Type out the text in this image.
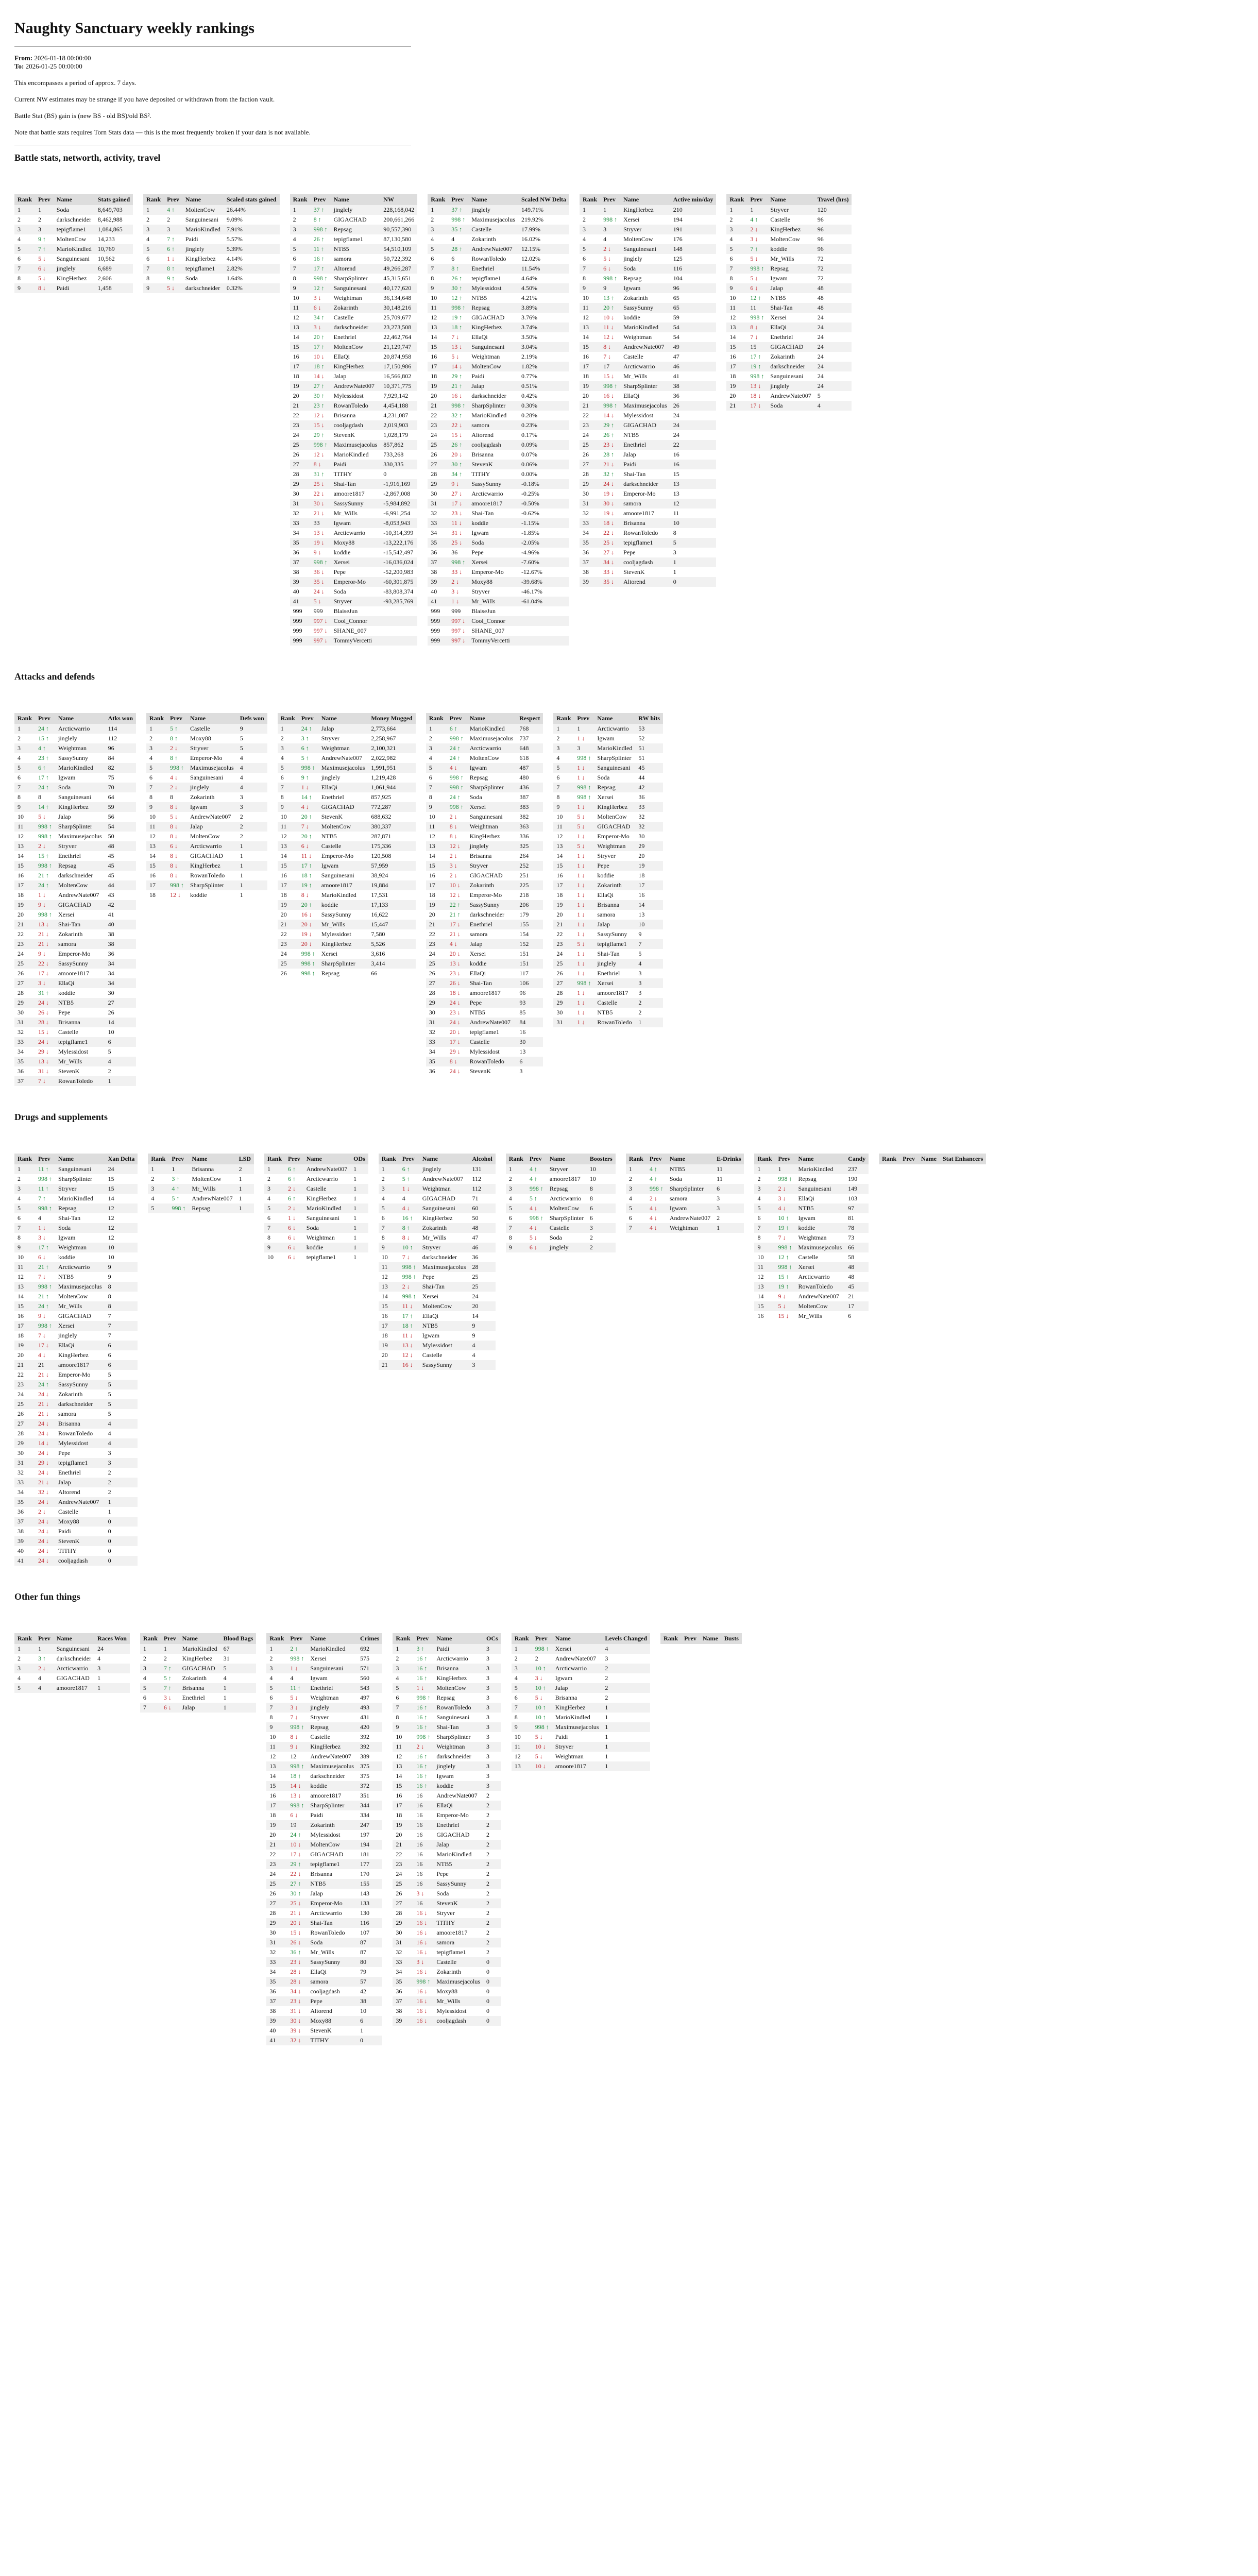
Naughty Sanctuary weekly rankings

From: 2026-01-18 00:00:00
To: 2026-01-25 00:00:00

This encompasses a period of approx. 7 days.

Current NW estimates may be strange if you have deposited or withdrawn from the faction vault.

Battle Stat (BS) gain is (new BS - old BS)/old BS².

Note that battle stats requires Torn Stats data — this is the most frequently broken if your data is not available.

Battle stats, networth, activity, travel
Rank	Prev	Name	Stats gained
1	1	Soda	8,649,703
2	2	darkschneider	8,462,988
3	3	tepigflame1	1,084,865
4	9 ↑	MoltenCow	14,233
5	7 ↑	MarioKindled	10,769
6	5 ↓	Sanguinesani	10,562
7	6 ↓	jinglely	6,689
8	5 ↓	KingHerbez	2,606
9	8 ↓	Paidi	1,458
Rank	Prev	Name	Scaled stats gained
1	4 ↑	MoltenCow	26.44%
2	2	Sanguinesani	9.09%
3	3	MarioKindled	7.91%
4	7 ↑	Paidi	5.57%
5	6 ↑	jinglely	5.39%
6	1 ↓	KingHerbez	4.14%
7	8 ↑	tepigflame1	2.82%
8	9 ↑	Soda	1.64%
9	5 ↓	darkschneider	0.32%
Rank	Prev	Name	NW
1	37 ↑	jinglely	228,168,042
2	8 ↑	GIGACHAD	200,661,266
3	998 ↑	Repsag	90,557,390
4	26 ↑	tepigflame1	87,130,580
5	11 ↑	NTB5	54,510,109
6	16 ↑	samora	50,722,392
7	17 ↑	Altorend	49,266,287
8	998 ↑	SharpSplinter	45,315,651
9	12 ↑	Sanguinesani	40,177,620
10	3 ↓	Weightman	36,134,648
11	6 ↓	Zokarinth	30,148,216
12	34 ↑	Castelle	25,709,677
13	3 ↓	darkschneider	23,273,508
14	20 ↑	Enethriel	22,462,764
15	17 ↑	MoltenCow	21,129,747
16	10 ↓	EllaQi	20,874,958
17	18 ↑	KingHerbez	17,150,986
18	14 ↓	Jalap	16,566,802
19	27 ↑	AndrewNate007	10,371,775
20	30 ↑	Mylessidost	7,929,142
21	23 ↑	RowanToledo	4,454,188
22	12 ↓	Brisanna	4,231,087
23	15 ↓	cooljagdash	2,019,903
24	29 ↑	StevenK	1,028,179
25	998 ↑	Maximusejacolus	857,862
26	12 ↓	MarioKindled	733,268
27	8 ↓	Paidi	330,335
28	31 ↑	TITHY	0
29	25 ↓	Shai-Tan	-1,916,169
30	22 ↓	amoore1817	-2,867,008
31	30 ↓	SassySunny	-5,984,892
32	21 ↓	Mr_Wills	-6,991,254
33	33	Igwam	-8,053,943
34	13 ↓	Arcticwarrio	-10,314,399
35	19 ↓	Moxy88	-13,222,176
36	9 ↓	koddie	-15,542,497
37	998 ↑	Xersei	-16,036,024
38	36 ↓	Pepe	-52,200,983
39	35 ↓	Emperor-Mo	-60,301,875
40	24 ↓	Soda	-83,808,374
41	5 ↓	Stryver	-93,285,769
999	999	BlaiseJun	
999	997 ↓	Cool_Connor	
999	997 ↓	SHANE_007	
999	997 ↓	TommyVercetti	
Rank	Prev	Name	Scaled NW Delta
1	37 ↑	jinglely	149.71%
2	998 ↑	Maximusejacolus	219.92%
3	35 ↑	Castelle	17.99%
4	4	Zokarinth	16.02%
5	28 ↑	AndrewNate007	12.15%
6	6	RowanToledo	12.02%
7	8 ↑	Enethriel	11.54%
8	26 ↑	tepigflame1	4.64%
9	30 ↑	Mylessidost	4.50%
10	12 ↑	NTB5	4.21%
11	998 ↑	Repsag	3.89%
12	19 ↑	GIGACHAD	3.76%
13	18 ↑	KingHerbez	3.74%
14	7 ↓	EllaQi	3.50%
15	13 ↓	Sanguinesani	3.04%
16	5 ↓	Weightman	2.19%
17	14 ↓	MoltenCow	1.82%
18	29 ↑	Paidi	0.77%
19	21 ↑	Jalap	0.51%
20	16 ↓	darkschneider	0.42%
21	998 ↑	SharpSplinter	0.30%
22	32 ↑	MarioKindled	0.28%
23	22 ↓	samora	0.23%
24	15 ↓	Altorend	0.17%
25	26 ↑	cooljagdash	0.09%
26	20 ↓	Brisanna	0.07%
27	30 ↑	StevenK	0.06%
28	34 ↑	TITHY	0.00%
29	9 ↓	SassySunny	-0.18%
30	27 ↓	Arcticwarrio	-0.25%
31	17 ↓	amoore1817	-0.50%
32	23 ↓	Shai-Tan	-0.62%
33	11 ↓	koddie	-1.15%
34	31 ↓	Igwam	-1.85%
35	25 ↓	Soda	-2.05%
36	36	Pepe	-4.96%
37	998 ↑	Xersei	-7.60%
38	33 ↓	Emperor-Mo	-12.67%
39	2 ↓	Moxy88	-39.68%
40	3 ↓	Stryver	-46.17%
41	1 ↓	Mr_Wills	-61.04%
999	999	BlaiseJun	
999	997 ↓	Cool_Connor	
999	997 ↓	SHANE_007	
999	997 ↓	TommyVercetti	
Rank	Prev	Name	Active min/day
1	1	KingHerbez	210
2	998 ↑	Xersei	194
3	3	Stryver	191
4	4	MoltenCow	176
5	2 ↓	Sanguinesani	148
6	5 ↓	jinglely	125
7	6 ↓	Soda	116
8	998 ↑	Repsag	104
9	9	Igwam	96
10	13 ↑	Zokarinth	65
11	20 ↑	SassySunny	65
12	10 ↓	koddie	59
13	11 ↓	MarioKindled	54
14	12 ↓	Weightman	54
15	8 ↓	AndrewNate007	49
16	7 ↓	Castelle	47
17	17	Arcticwarrio	46
18	15 ↓	Mr_Wills	41
19	998 ↑	SharpSplinter	38
20	16 ↓	EllaQi	36
21	998 ↑	Maximusejacolus	26
22	14 ↓	Mylessidost	24
23	29 ↑	GIGACHAD	24
24	26 ↑	NTB5	24
25	23 ↓	Enethriel	22
26	28 ↑	Jalap	16
27	21 ↓	Paidi	16
28	32 ↑	Shai-Tan	15
29	24 ↓	darkschneider	13
30	19 ↓	Emperor-Mo	13
31	30 ↓	samora	12
32	19 ↓	amoore1817	11
33	18 ↓	Brisanna	10
34	22 ↓	RowanToledo	8
35	25 ↓	tepigflame1	5
36	27 ↓	Pepe	3
37	34 ↓	cooljagdash	1
38	33 ↓	StevenK	1
39	35 ↓	Altorend	0
Rank	Prev	Name	Travel (hrs)
1	1	Stryver	120
2	4 ↑	Castelle	96
3	2 ↓	KingHerbez	96
4	3 ↓	MoltenCow	96
5	7 ↑	koddie	96
6	5 ↓	Mr_Wills	72
7	998 ↑	Repsag	72
8	5 ↓	Igwam	72
9	6 ↓	Jalap	48
10	12 ↑	NTB5	48
11	11	Shai-Tan	48
12	998 ↑	Xersei	24
13	8 ↓	EllaQi	24
14	7 ↓	Enethriel	24
15	15	GIGACHAD	24
16	17 ↑	Zokarinth	24
17	19 ↑	darkschneider	24
18	998 ↑	Sanguinesani	24
19	13 ↓	jinglely	24
20	18 ↓	AndrewNate007	5
21	17 ↓	Soda	4
Attacks and defends
Rank	Prev	Name	Atks won
1	24 ↑	Arcticwarrio	114
2	15 ↑	jinglely	112
3	4 ↑	Weightman	96
4	23 ↑	SassySunny	84
5	6 ↑	MarioKindled	82
6	17 ↑	Igwam	75
7	24 ↑	Soda	70
8	8	Sanguinesani	64
9	14 ↑	KingHerbez	59
10	5 ↓	Jalap	56
11	998 ↑	SharpSplinter	54
12	998 ↑	Maximusejacolus	50
13	2 ↓	Stryver	48
14	15 ↑	Enethriel	45
15	998 ↑	Repsag	45
16	21 ↑	darkschneider	45
17	24 ↑	MoltenCow	44
18	1 ↓	AndrewNate007	43
19	9 ↓	GIGACHAD	42
20	998 ↑	Xersei	41
21	13 ↓	Shai-Tan	40
22	21 ↓	Zokarinth	38
23	21 ↓	samora	38
24	9 ↓	Emperor-Mo	36
25	22 ↓	SassySunny	34
26	17 ↓	amoore1817	34
27	3 ↓	EllaQi	34
28	31 ↑	koddie	30
29	24 ↓	NTB5	27
30	26 ↓	Pepe	26
31	28 ↓	Brisanna	14
32	15 ↓	Castelle	10
33	24 ↓	tepigflame1	6
34	29 ↓	Mylessidost	5
35	13 ↓	Mr_Wills	4
36	31 ↓	StevenK	2
37	7 ↓	RowanToledo	1
Rank	Prev	Name	Defs won
1	5 ↑	Castelle	9
2	8 ↑	Moxy88	5
3	2 ↓	Stryver	5
4	8 ↑	Emperor-Mo	4
5	998 ↑	Maximusejacolus	4
6	4 ↓	Sanguinesani	4
7	2 ↓	jinglely	4
8	8	Zokarinth	3
9	8 ↓	Igwam	3
10	5 ↓	AndrewNate007	2
11	8 ↓	Jalap	2
12	8 ↓	MoltenCow	2
13	6 ↓	Arcticwarrio	1
14	8 ↓	GIGACHAD	1
15	8 ↓	KingHerbez	1
16	8 ↓	RowanToledo	1
17	998 ↑	SharpSplinter	1
18	12 ↓	koddie	1
Rank	Prev	Name	Money Mugged
1	24 ↑	Jalap	2,773,664
2	3 ↑	Stryver	2,258,967
3	6 ↑	Weightman	2,100,321
4	5 ↑	AndrewNate007	2,022,982
5	998 ↑	Maximusejacolus	1,991,951
6	9 ↑	jinglely	1,219,428
7	1 ↓	EllaQi	1,061,944
8	14 ↑	Enethriel	857,925
9	4 ↓	GIGACHAD	772,287
10	20 ↑	StevenK	688,632
11	7 ↓	MoltenCow	380,337
12	20 ↑	NTB5	287,871
13	6 ↓	Castelle	175,336
14	11 ↓	Emperor-Mo	120,508
15	17 ↑	Igwam	57,959
16	18 ↑	Sanguinesani	38,924
17	19 ↑	amoore1817	19,884
18	8 ↓	MarioKindled	17,531
19	20 ↑	koddie	17,133
20	16 ↓	SassySunny	16,622
21	20 ↓	Mr_Wills	15,447
22	19 ↓	Mylessidost	7,580
23	20 ↓	KingHerbez	5,526
24	998 ↑	Xersei	3,616
25	998 ↑	SharpSplinter	3,414
26	998 ↑	Repsag	66
Rank	Prev	Name	Respect
1	6 ↑	MarioKindled	768
2	998 ↑	Maximusejacolus	737
3	24 ↑	Arcticwarrio	648
4	24 ↑	MoltenCow	618
5	4 ↓	Igwam	487
6	998 ↑	Repsag	480
7	998 ↑	SharpSplinter	436
8	24 ↑	Soda	387
9	998 ↑	Xersei	383
10	2 ↓	Sanguinesani	382
11	8 ↓	Weightman	363
12	8 ↓	KingHerbez	336
13	12 ↓	jinglely	325
14	2 ↓	Brisanna	264
15	3 ↓	Stryver	252
16	2 ↓	GIGACHAD	251
17	10 ↓	Zokarinth	225
18	12 ↓	Emperor-Mo	218
19	22 ↑	SassySunny	206
20	21 ↑	darkschneider	179
21	17 ↓	Enethriel	155
22	21 ↓	samora	154
23	4 ↓	Jalap	152
24	20 ↓	Xersei	151
25	13 ↓	koddie	151
26	23 ↓	EllaQi	117
27	26 ↓	Shai-Tan	106
28	18 ↓	amoore1817	96
29	24 ↓	Pepe	93
30	23 ↓	NTB5	85
31	24 ↓	AndrewNate007	84
32	20 ↓	tepigflame1	16
33	17 ↓	Castelle	30
34	29 ↓	Mylessidost	13
35	8 ↓	RowanToledo	6
36	24 ↓	StevenK	3
Rank	Prev	Name	RW hits
1	1	Arcticwarrio	53
2	1 ↓	Igwam	52
3	3	MarioKindled	51
4	998 ↑	SharpSplinter	51
5	1 ↓	Sanguinesani	45
6	1 ↓	Soda	44
7	998 ↑	Repsag	42
8	998 ↑	Xersei	36
9	1 ↓	KingHerbez	33
10	5 ↓	MoltenCow	32
11	5 ↓	GIGACHAD	32
12	1 ↓	Emperor-Mo	30
13	5 ↓	Weightman	29
14	1 ↓	Stryver	20
15	1 ↓	Pepe	19
16	1 ↓	koddie	18
17	1 ↓	Zokarinth	17
18	1 ↓	EllaQi	16
19	1 ↓	Brisanna	14
20	1 ↓	samora	13
21	1 ↓	Jalap	10
22	1 ↓	SassySunny	9
23	5 ↓	tepigflame1	7
24	1 ↓	Shai-Tan	5
25	1 ↓	jinglely	4
26	1 ↓	Enethriel	3
27	998 ↑	Xersei	3
28	1 ↓	amoore1817	3
29	1 ↓	Castelle	2
30	1 ↓	NTB5	2
31	1 ↓	RowanToledo	1
Drugs and supplements
Rank	Prev	Name	Xan Delta
1	11 ↑	Sanguinesani	24
2	998 ↑	SharpSplinter	15
3	11 ↑	Stryver	15
4	7 ↑	MarioKindled	14
5	998 ↑	Repsag	12
6	4	Shai-Tan	12
7	1 ↓	Soda	12
8	3 ↓	Igwam	12
9	17 ↑	Weightman	10
10	6 ↓	koddie	10
11	21 ↑	Arcticwarrio	9
12	7 ↓	NTB5	9
13	998 ↑	Maximusejacolus	8
14	21 ↑	MoltenCow	8
15	24 ↑	Mr_Wills	8
16	9 ↓	GIGACHAD	7
17	998 ↑	Xersei	7
18	7 ↓	jinglely	7
19	17 ↓	EllaQi	6
20	4 ↓	KingHerbez	6
21	21	amoore1817	6
22	21 ↓	Emperor-Mo	5
23	24 ↑	SassySunny	5
24	24 ↓	Zokarinth	5
25	21 ↓	darkschneider	5
26	21 ↓	samora	5
27	24 ↓	Brisanna	4
28	24 ↓	RowanToledo	4
29	14 ↓	Mylessidost	4
30	24 ↓	Pepe	3
31	29 ↓	tepigflame1	3
32	24 ↓	Enethriel	2
33	21 ↓	Jalap	2
34	32 ↓	Altorend	2
35	24 ↓	AndrewNate007	1
36	2 ↓	Castelle	1
37	24 ↓	Moxy88	0
38	24 ↓	Paidi	0
39	24 ↓	StevenK	0
40	24 ↓	TITHY	0
41	24 ↓	cooljagdash	0
Rank	Prev	Name	LSD
1	1	Brisanna	2
2	3 ↑	MoltenCow	1
3	4 ↑	Mr_Wills	1
4	5 ↑	AndrewNate007	1
5	998 ↑	Repsag	1
Rank	Prev	Name	ODs
1	6 ↑	AndrewNate007	1
2	6 ↑	Arcticwarrio	1
3	2 ↓	Castelle	1
4	6 ↑	KingHerbez	1
5	2 ↓	MarioKindled	1
6	1 ↓	Sanguinesani	1
7	6 ↓	Soda	1
8	6 ↓	Weightman	1
9	6 ↓	koddie	1
10	6 ↓	tepigflame1	1
Rank	Prev	Name	Alcohol
1	6 ↑	jinglely	131
2	5 ↑	AndrewNate007	112
3	1 ↓	Weightman	112
4	4	GIGACHAD	71
5	4 ↓	Sanguinesani	60
6	16 ↑	KingHerbez	50
7	8 ↑	Zokarinth	48
8	8 ↓	Mr_Wills	47
9	10 ↑	Stryver	46
10	7 ↓	darkschneider	36
11	998 ↑	Maximusejacolus	28
12	998 ↑	Pepe	25
13	2 ↓	Shai-Tan	25
14	998 ↑	Xersei	24
15	11 ↓	MoltenCow	20
16	17 ↑	EllaQi	14
17	18 ↑	NTB5	9
18	11 ↓	Igwam	9
19	13 ↓	Mylessidost	4
20	12 ↓	Castelle	4
21	16 ↓	SassySunny	3
Rank	Prev	Name	Boosters
1	4 ↑	Stryver	10
2	4 ↑	amoore1817	10
3	998 ↑	Repsag	8
4	5 ↑	Arcticwarrio	8
5	4 ↓	MoltenCow	6
6	998 ↑	SharpSplinter	6
7	4 ↓	Castelle	3
8	5 ↓	Soda	2
9	6 ↓	jinglely	2
Rank	Prev	Name	E-Drinks
1	4 ↑	NTB5	11
2	4 ↑	Soda	11
3	998 ↑	SharpSplinter	6
4	2 ↓	samora	3
5	4 ↓	Igwam	3
6	4 ↓	AndrewNate007	2
7	4 ↓	Weightman	1
Rank	Prev	Name	Candy
1	1	MarioKindled	237
2	998 ↑	Repsag	190
3	2 ↓	Sanguinesani	149
4	3 ↓	EllaQi	103
5	4 ↓	NTB5	97
6	10 ↑	Igwam	81
7	19 ↑	koddie	78
8	7 ↓	Weightman	73
9	998 ↑	Maximusejacolus	66
10	12 ↑	Castelle	58
11	998 ↑	Xersei	48
12	15 ↑	Arcticwarrio	48
13	19 ↑	RowanToledo	45
14	9 ↓	AndrewNate007	21
15	5 ↓	MoltenCow	17
16	15 ↓	Mr_Wills	6
Rank	Prev	Name	Stat Enhancers
Other fun things
Rank	Prev	Name	Races Won
1	1	Sanguinesani	24
2	3 ↑	darkschneider	4
3	2 ↓	Arcticwarrio	3
4	4	GIGACHAD	1
5	4	amoore1817	1
Rank	Prev	Name	Blood Bags
1	1	MarioKindled	67
2	2	KingHerbez	31
3	7 ↑	GIGACHAD	5
4	5 ↑	Zokarinth	4
5	7 ↑	Brisanna	1
6	3 ↓	Enethriel	1
7	6 ↓	Jalap	1
Rank	Prev	Name	Crimes
1	2 ↑	MarioKindled	692
2	998 ↑	Xersei	575
3	1 ↓	Sanguinesani	571
4	4	Igwam	560
5	11 ↑	Enethriel	543
6	5 ↓	Weightman	497
7	3 ↓	jinglely	493
8	7 ↓	Stryver	431
9	998 ↑	Repsag	420
10	8 ↓	Castelle	392
11	9 ↓	KingHerbez	392
12	12	AndrewNate007	389
13	998 ↑	Maximusejacolus	375
14	18 ↑	darkschneider	375
15	14 ↓	koddie	372
16	13 ↓	amoore1817	351
17	998 ↑	SharpSplinter	344
18	6 ↓	Paidi	334
19	19	Zokarinth	247
20	24 ↑	Mylessidost	197
21	10 ↓	MoltenCow	194
22	17 ↓	GIGACHAD	181
23	29 ↑	tepigflame1	177
24	22 ↓	Brisanna	170
25	27 ↑	NTB5	155
26	30 ↑	Jalap	143
27	25 ↓	Emperor-Mo	133
28	21 ↓	Arcticwarrio	130
29	20 ↓	Shai-Tan	116
30	15 ↓	RowanToledo	107
31	26 ↓	Soda	87
32	36 ↑	Mr_Wills	87
33	23 ↓	SassySunny	80
34	28 ↓	EllaQi	79
35	28 ↓	samora	57
36	34 ↓	cooljagdash	42
37	23 ↓	Pepe	38
38	31 ↓	Altorend	10
39	30 ↓	Moxy88	6
40	39 ↓	StevenK	1
41	32 ↓	TITHY	0
Rank	Prev	Name	OCs
1	3 ↑	Paidi	3
2	16 ↑	Arcticwarrio	3
3	16 ↑	Brisanna	3
4	16 ↑	KingHerbez	3
5	1 ↓	MoltenCow	3
6	998 ↑	Repsag	3
7	16 ↑	RowanToledo	3
8	16 ↑	Sanguinesani	3
9	16 ↑	Shai-Tan	3
10	998 ↑	SharpSplinter	3
11	2 ↓	Weightman	3
12	16 ↑	darkschneider	3
13	16 ↑	jinglely	3
14	16 ↑	Igwam	3
15	16 ↑	koddie	3
16	16	AndrewNate007	2
17	16	EllaQi	2
18	16	Emperor-Mo	2
19	16	Enethriel	2
20	16	GIGACHAD	2
21	16	Jalap	2
22	16	MarioKindled	2
23	16	NTB5	2
24	16	Pepe	2
25	16	SassySunny	2
26	3 ↓	Soda	2
27	16	StevenK	2
28	16 ↓	Stryver	2
29	16 ↓	TITHY	2
30	16 ↓	amoore1817	2
31	16 ↓	samora	2
32	16 ↓	tepigflame1	2
33	3 ↓	Castelle	0
34	16 ↓	Zokarinth	0
35	998 ↑	Maximusejacolus	0
36	16 ↓	Moxy88	0
37	16 ↓	Mr_Wills	0
38	16 ↓	Mylessidost	0
39	16 ↓	cooljagdash	0
Rank	Prev	Name	Levels Changed
1	998 ↑	Xersei	4
2	2	AndrewNate007	3
3	10 ↑	Arcticwarrio	2
4	3 ↓	Igwam	2
5	10 ↑	Jalap	2
6	5 ↓	Brisanna	2
7	10 ↑	KingHerbez	1
8	10 ↑	MarioKindled	1
9	998 ↑	Maximusejacolus	1
10	5 ↓	Paidi	1
11	10 ↓	Stryver	1
12	5 ↓	Weightman	1
13	10 ↓	amoore1817	1
Rank	Prev	Name	Busts
